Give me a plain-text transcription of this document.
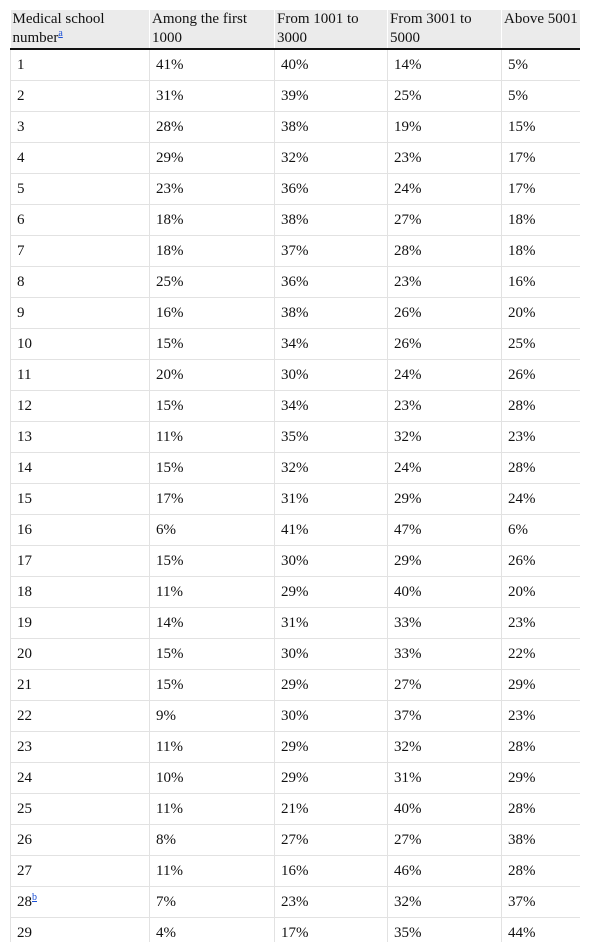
Medical school number$^a$	Among the first 1000	From 1001 to 3000	From 3001 to 5000	Above 5001
1	41%	40%	14%	5%
2	31%	39%	25%	5%
3	28%	38%	19%	15%
4	29%	32%	23%	17%
5	23%	36%	24%	17%
6	18%	38%	27%	18%
7	18%	37%	28%	18%
8	25%	36%	23%	16%
9	16%	38%	26%	20%
10	15%	34%	26%	25%
11	20%	30%	24%	26%
12	15%	34%	23%	28%
13	11%	35%	32%	23%
14	15%	32%	24%	28%
15	17%	31%	29%	24%
16	6%	41%	47%	6%
17	15%	30%	29%	26%
18	11%	29%	40%	20%
19	14%	31%	33%	23%
20	15%	30%	33%	22%
21	15%	29%	27%	29%
22	9%	30%	37%	23%
23	11%	29%	32%	28%
24	10%	29%	31%	29%
25	11%	21%	40%	28%
26	8%	27%	27%	38%
27	11%	16%	46%	28%
28$^b$	7%	23%	32%	37%
29	4%	17%	35%	44%
